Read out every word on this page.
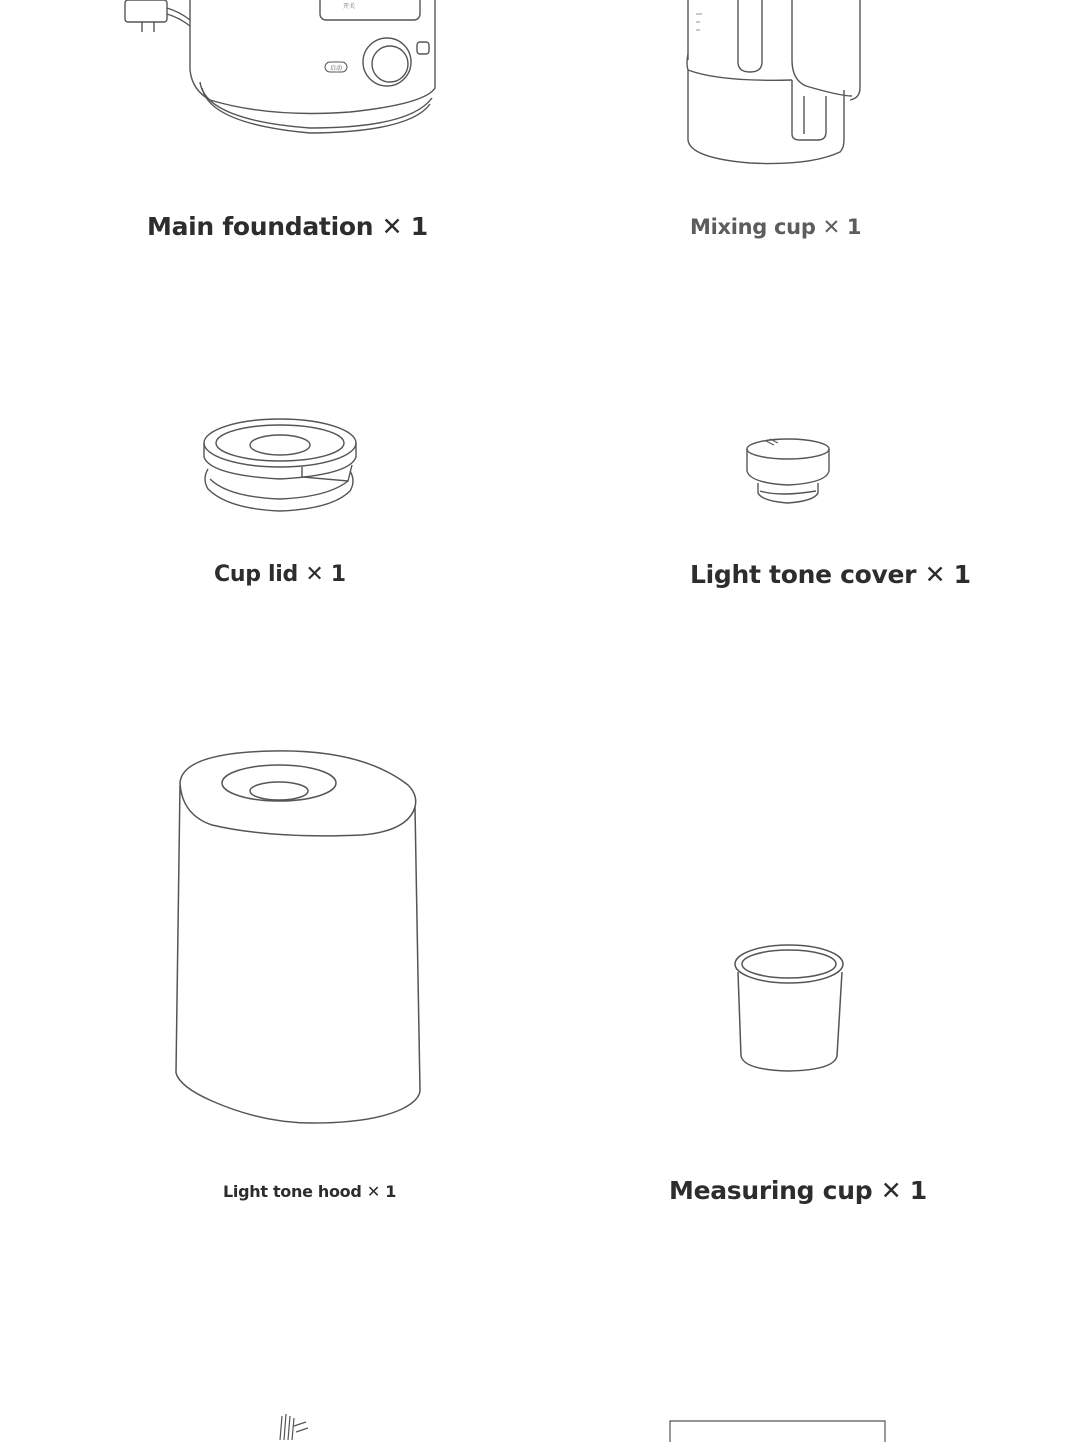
开关
启动
Main foundation ✕ 1	Mixing cup ✕ 1
Cup lid ✕ 1	Light tone cover ✕ 1
Light tone hood ✕ 1	Measuring cup ✕ 1
